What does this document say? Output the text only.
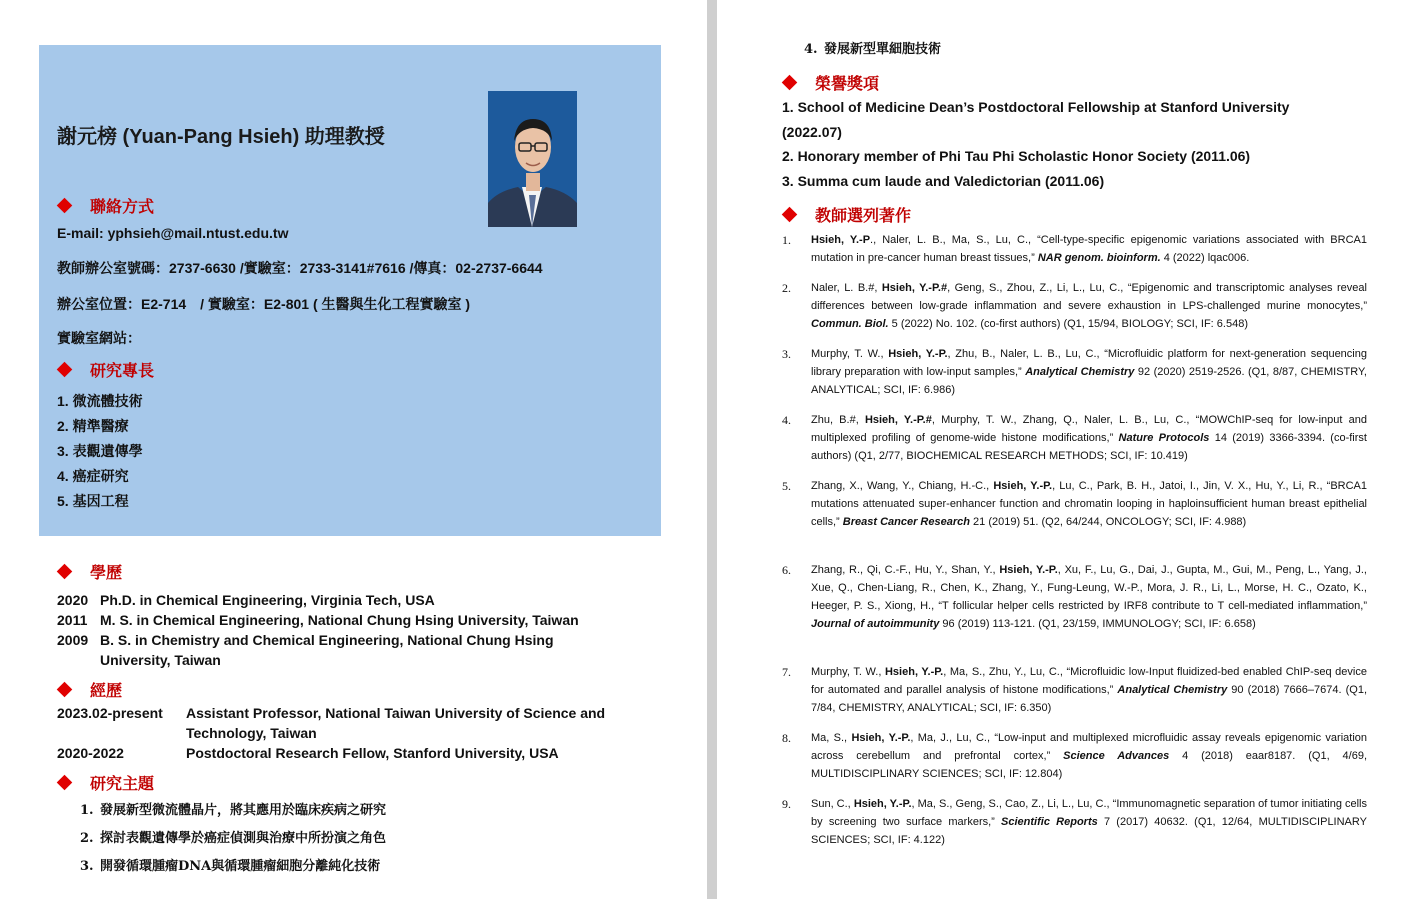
謝元榜 (Yuan-Pang Hsieh) 助理教授
聯絡方式
E-mail: yphsieh@mail.ntust.edu.tw
教師辦公室號碼：2737-6630 /實驗室：2733-3141#7616 /傳真：02-2737-6644
辦公室位置：E2-714　/ 實驗室：E2-801 ( 生醫與生化工程實驗室 )
實驗室網站：
研究專長
1. 微流體技術
2. 精準醫療
3. 表觀遺傳學
4. 癌症研究
5. 基因工程
學歷
2020 Ph.D. in Chemical Engineering, Virginia Tech, USA
2011 M. S. in Chemical Engineering, National Chung Hsing University, Taiwan
2009 B. S. in Chemistry and Chemical Engineering, National Chung Hsing University, Taiwan
經歷
2023.02-present	Assistant Professor, National Taiwan University of Science and Technology, Taiwan
2020-2022	Postdoctoral Research Fellow, Stanford University, USA
研究主題
1. 發展新型微流體晶片，將其應用於臨床疾病之研究
2. 探討表觀遺傳學於癌症偵測與治療中所扮演之角色
3. 開發循環腫瘤DNA與循環腫瘤細胞分離純化技術
4. 發展新型單細胞技術
榮譽獎項
1. School of Medicine Dean’s Postdoctoral Fellowship at Stanford University (2022.07)
2. Honorary member of Phi Tau Phi Scholastic Honor Society (2011.06)
3. Summa cum laude and Valedictorian (2011.06)
教師選列著作
1.	Hsieh, Y.-P., Naler, L. B., Ma, S., Lu, C., “Cell-type-specific epigenomic variations associated with BRCA1 mutation in pre-cancer human breast tissues,” NAR genom. bioinform. 4 (2022) lqac006.
2.	Naler, L. B.#, Hsieh, Y.-P.#, Geng, S., Zhou, Z., Li, L., Lu, C., “Epigenomic and transcriptomic analyses reveal differences between low-grade inflammation and severe exhaustion in LPS-challenged murine monocytes,” Commun. Biol. 5 (2022) No. 102. (co-first authors) (Q1, 15/94, BIOLOGY; SCI, IF: 6.548)
3.	Murphy, T. W., Hsieh, Y.-P., Zhu, B., Naler, L. B., Lu, C., “Microfluidic platform for next-generation sequencing library preparation with low-input samples,” Analytical Chemistry 92 (2020) 2519-2526. (Q1, 8/87, CHEMISTRY, ANALYTICAL; SCI, IF: 6.986)
4.	Zhu, B.#, Hsieh, Y.-P.#, Murphy, T. W., Zhang, Q., Naler, L. B., Lu, C., “MOWChIP-seq for low-input and multiplexed profiling of genome-wide histone modifications,” Nature Protocols 14 (2019) 3366-3394. (co-first authors) (Q1, 2/77, BIOCHEMICAL RESEARCH METHODS; SCI, IF: 10.419)
5.	Zhang, X., Wang, Y., Chiang, H.-C., Hsieh, Y.-P., Lu, C., Park, B. H., Jatoi, I., Jin, V. X., Hu, Y., Li, R., “BRCA1 mutations attenuated super-enhancer function and chromatin looping in haploinsufficient human breast epithelial cells,” Breast Cancer Research 21 (2019) 51. (Q2, 64/244, ONCOLOGY; SCI, IF: 4.988)
6.	Zhang, R., Qi, C.-F., Hu, Y., Shan, Y., Hsieh, Y.-P., Xu, F., Lu, G., Dai, J., Gupta, M., Gui, M., Peng, L., Yang, J., Xue, Q., Chen-Liang, R., Chen, K., Zhang, Y., Fung-Leung, W.-P., Mora, J. R., Li, L., Morse, H. C., Ozato, K., Heeger, P. S., Xiong, H., “T follicular helper cells restricted by IRF8 contribute to T cell-mediated inflammation,” Journal of autoimmunity 96 (2019) 113-121. (Q1, 23/159, IMMUNOLOGY; SCI, IF: 6.658)
7.	Murphy, T. W., Hsieh, Y.-P., Ma, S., Zhu, Y., Lu, C., “Microfluidic low-Input fluidized-bed enabled ChIP-seq device for automated and parallel analysis of histone modifications,” Analytical Chemistry 90 (2018) 7666–7674. (Q1, 7/84, CHEMISTRY, ANALYTICAL; SCI, IF: 6.350)
8.	Ma, S., Hsieh, Y.-P., Ma, J., Lu, C., “Low-input and multiplexed microfluidic assay reveals epigenomic variation across cerebellum and prefrontal cortex,” Science Advances 4 (2018) eaar8187. (Q1, 4/69, MULTIDISCIPLINARY SCIENCES; SCI, IF: 12.804)
9.	Sun, C., Hsieh, Y.-P., Ma, S., Geng, S., Cao, Z., Li, L., Lu, C., “Immunomagnetic separation of tumor initiating cells by screening two surface markers,” Scientific Reports 7 (2017) 40632. (Q1, 12/64, MULTIDISCIPLINARY SCIENCES; SCI, IF: 4.122)
